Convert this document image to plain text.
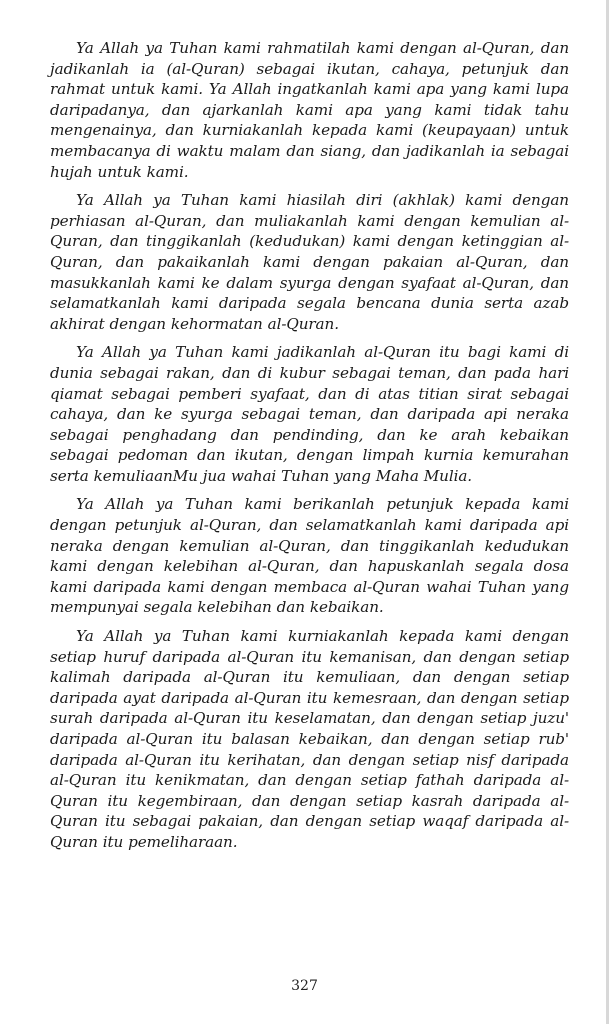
Ya Allah ya Tuhan kami rahmatilah kami dengan al-Quran, dan jadikanlah ia (al-Quran) sebagai ikutan, cahaya, petunjuk dan rahmat untuk kami. Ya Allah ingatkanlah kami apa yang kami lupa daripadanya, dan ajarkanlah kami apa yang kami tidak tahu mengenainya, dan kurniakanlah kepada kami (keupayaan) untuk membacanya di waktu malam dan siang, dan jadikanlah ia sebagai hujah untuk kami.

Ya Allah ya Tuhan kami hiasilah diri (akhlak) kami dengan perhiasan al-Quran, dan muliakanlah kami dengan kemulian al-Quran, dan tinggikanlah (kedudukan) kami dengan ketinggian al-Quran, dan pakaikanlah kami dengan pakaian al-Quran, dan masukkanlah kami ke dalam syurga dengan syafaat al-Quran, dan selamatkanlah kami daripada segala bencana dunia serta azab akhirat dengan kehormatan al-Quran.

Ya Allah ya Tuhan kami jadikanlah al-Quran itu bagi kami di dunia sebagai rakan, dan di kubur sebagai teman, dan pada hari qiamat sebagai pemberi syafaat, dan di atas titian sirat sebagai cahaya, dan ke syurga sebagai teman, dan daripada api neraka sebagai penghadang dan pendinding, dan ke arah kebaikan sebagai pedoman dan ikutan, dengan limpah kurnia kemurahan serta kemuliaanMu jua wahai Tuhan yang Maha Mulia.

Ya Allah ya Tuhan kami berikanlah petunjuk kepada kami dengan petunjuk al-Quran, dan selamatkanlah kami daripada api neraka dengan kemulian al-Quran, dan tinggikanlah kedudukan kami dengan kelebihan al-Quran, dan hapuskanlah segala dosa kami daripada kami dengan membaca al-Quran wahai Tuhan yang mempunyai segala kelebihan dan kebaikan.

Ya Allah ya Tuhan kami kurniakanlah kepada kami dengan setiap huruf daripada al-Quran itu kemanisan, dan dengan setiap kalimah daripada al-Quran itu kemuliaan, dan dengan setiap daripada ayat daripada al-Quran itu kemesraan, dan dengan setiap surah daripada al-Quran itu keselamatan, dan dengan setiap juzu' daripada al-Quran itu balasan kebaikan, dan dengan setiap rub' daripada al-Quran itu kerihatan, dan dengan setiap nisf daripada al-Quran itu kenikmatan, dan dengan setiap fathah daripada al-Quran itu kegembiraan, dan dengan setiap kasrah daripada al-Quran itu sebagai pakaian, dan dengan setiap waqaf daripada al-Quran itu pemeliharaan.

327
